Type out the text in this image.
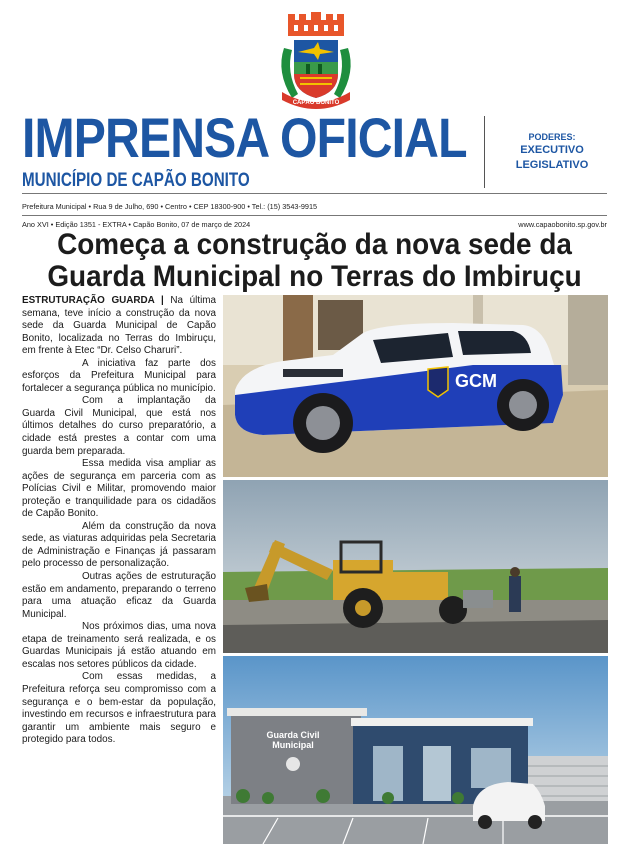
CAPÃO BONITO
IMPRENSA OFICIAL
MUNICÍPIO DE CAPÃO BONITO
PODERES:
EXECUTIVO
LEGISLATIVO
Prefeitura Municipal • Rua 9 de Julho, 690 • Centro • CEP 18300-900 • Tel.: (15) 3543-9915
Ano XVI • Edição 1351 - EXTRA • Capão Bonito, 07 de março de 2024	www.capaobonito.sp.gov.br
Começa a construção da nova sede da
Guarda Municipal no Terras do Imbiruçu

ESTRUTURAÇÃO GUARDA | Na última semana, teve início a construção da nova sede da Guarda Municipal de Capão Bonito, localizada no Terras do Imbiruçu, em frente à Etec “Dr. Celso Charuri”.

A iniciativa faz parte dos esforços da Prefeitura Municipal para fortalecer a segurança pública no município.

Com a implantação da Guarda Civil Municipal, que está nos últimos detalhes do curso preparatório, a cidade está prestes a contar com uma guarda bem preparada.

Essa medida visa ampliar as ações de segurança em parceria com as Polícias Civil e Militar, promovendo maior proteção e tranquilidade para os cidadãos de Capão Bonito.

Além da construção da nova sede, as viaturas adquiridas pela Secretaria de Administração e Finanças já passaram pelo processo de personalização.

Outras ações de estruturação estão em andamento, preparando o terreno para uma atuação eficaz da Guarda Municipal.

Nos próximos dias, uma nova etapa de treinamento será realizada, e os Guardas Municipais já estão atuando em escalas nos setores públicos da cidade.

Com essas medidas, a Prefeitura reforça seu compromisso com a segurança e o bem-estar da população, investindo em recursos e infraestrutura para garantir um ambiente mais seguro e protegido para todos.

GCM
Guarda Civil
Municipal
